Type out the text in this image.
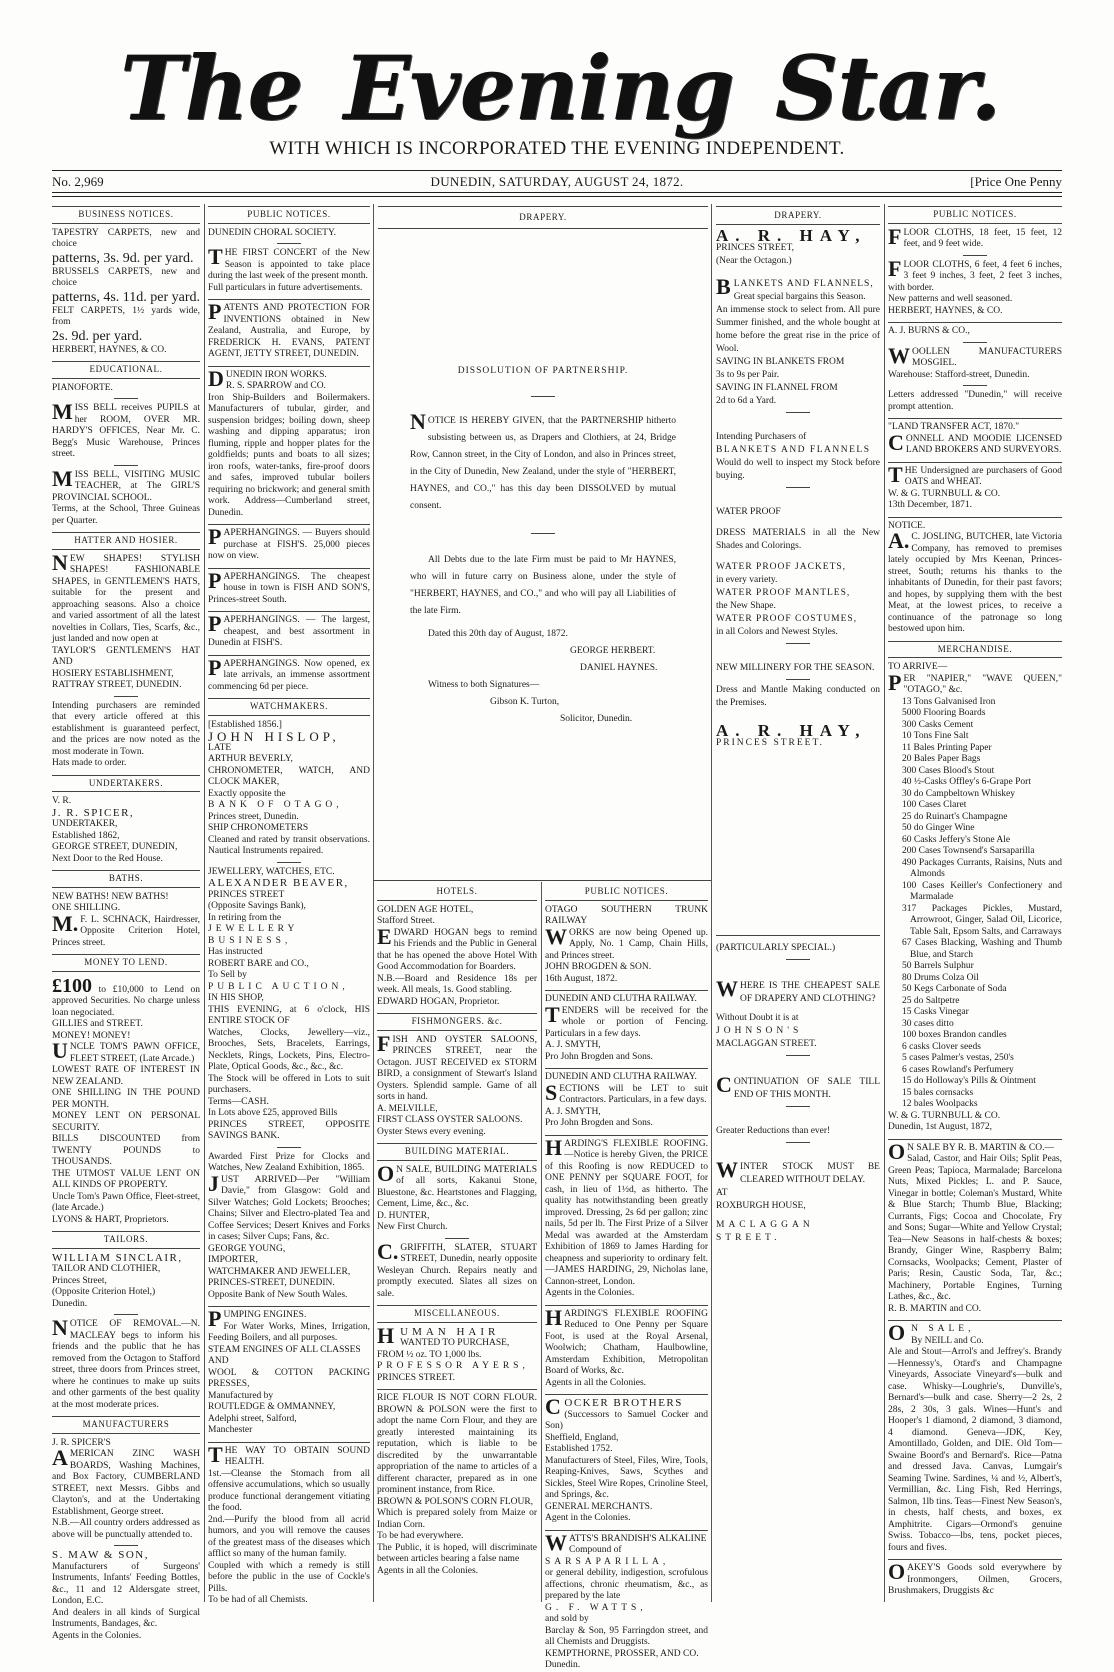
The Evening Star.
WITH WHICH IS INCORPORATED THE EVENING INDEPENDENT.
No. 2,969	DUNEDIN, SATURDAY, AUGUST 24, 1872.	[Price One Penny
BUSINESS NOTICES.

TAPESTRY CARPETS, new and choice

patterns, 3s. 9d. per yard.

BRUSSELS CARPETS, new and choice

patterns, 4s. 11d. per yard.

FELT CARPETS, 1½ yards wide, from

2s. 9d. per yard.

HERBERT, HAYNES, & CO.

EDUCATIONAL.

PIANOFORTE.

MISS BELL receives PUPILS at her ROOM, OVER MR. HARDY'S OFFICES, Near Mr. C. Begg's Music Warehouse, Princes street.

MISS BELL, VISITING MUSIC TEACHER, at The GIRL'S PROVINCIAL SCHOOL.

Terms, at the School, Three Guineas per Quarter.

HATTER AND HOSIER.

NEW SHAPES! STYLISH SHAPES! FASHIONABLE SHAPES, in GENTLEMEN'S HATS, suitable for the present and approaching seasons. Also a choice and varied assortment of all the latest novelties in Collars, Ties, Scarfs, &c., just landed and now open at

TAYLOR'S GENTLEMEN'S HAT AND

HOSIERY ESTABLISHMENT,

RATTRAY STREET, DUNEDIN.

Intending purchasers are reminded that every article offered at this establishment is guaranteed perfect, and the prices are now noted as the most moderate in Town.

Hats made to order.

UNDERTAKERS.

V. R.

J. R. SPICER,

UNDERTAKER,

Established 1862,

GEORGE STREET, DUNEDIN,

Next Door to the Red House.

BATHS.

NEW BATHS! NEW BATHS!

ONE SHILLING.

M.F. L. SCHNACK, Hairdresser, Opposite Criterion Hotel, Princes street.

MONEY TO LEND.

£100 to £10,000 to Lend on approved Securities. No charge unless loan negociated.

GILLIES and STREET.

MONEY! MONEY!

UNCLE TOM'S PAWN OFFICE, FLEET STREET, (Late Arcade.)

LOWEST RATE OF INTEREST IN NEW ZEALAND.

ONE SHILLING IN THE POUND PER MONTH.

MONEY LENT ON PERSONAL SECURITY.

BILLS DISCOUNTED from TWENTY POUNDS to THOUSANDS.

THE UTMOST VALUE LENT ON ALL KINDS OF PROPERTY.

Uncle Tom's Pawn Office, Fleet-street, (late Arcade.)

LYONS & HART, Proprietors.

TAILORS.

WILLIAM SINCLAIR,

TAILOR AND CLOTHIER,

Princes Street,

(Opposite Criterion Hotel,)

Dunedin.

NOTICE OF REMOVAL.—N. MACLEAY begs to inform his friends and the public that he has removed from the Octagon to Stafford street, three doors from Princes street, where he continues to make up suits and other garments of the best quality at the most moderate prices.

MANUFACTURERS

J. R. SPICER'S

AMERICAN ZINC WASH BOARDS, Washing Machines, and Box Factory, CUMBERLAND STREET, next Messrs. Gibbs and Clayton's, and at the Undertaking Establishment, George street.

N.B.—All country orders addressed as above will be punctually attended to.

S. MAW & SON,

Manufacturers of Surgeons' Instruments, Infants' Feeding Bottles, &c., 11 and 12 Aldersgate street, London, E.C.

And dealers in all kinds of Surgical Instruments, Bandages, &c.

Agents in the Colonies.

PUBLIC NOTICES.

DUNEDIN CHORAL SOCIETY.

THE FIRST CONCERT of the New Season is appointed to take place during the last week of the present month.

Full particulars in future advertisements.

PATENTS AND PROTECTION FOR INVENTIONS obtained in New Zealand, Australia, and Europe, by FREDERICK H. EVANS, PATENT AGENT, JETTY STREET, DUNEDIN.

DUNEDIN IRON WORKS.

R. S. SPARROW and CO.

Iron Ship-Builders and Boilermakers. Manufacturers of tubular, girder, and suspension bridges; boiling down, sheep washing and dipping apparatus; iron fluming, ripple and hopper plates for the goldfields; punts and boats to all sizes; iron roofs, water-tanks, fire-proof doors and safes, improved tubular boilers requiring no brickwork; and general smith work. Address—Cumberland street, Dunedin.

PAPERHANGINGS. — Buyers should purchase at FISH'S. 25,000 pieces now on view.

PAPERHANGINGS. The cheapest house in town is FISH AND SON'S, Princes-street South.

PAPERHANGINGS. — The largest, cheapest, and best assortment in Dunedin at FISH'S.

PAPERHANGINGS. Now opened, ex late arrivals, an immense assortment commencing 6d per piece.

WATCHMAKERS.

[Established 1856.]

JOHN HISLOP,

LATE

ARTHUR BEVERLY,

CHRONOMETER, WATCH, AND CLOCK MAKER,

Exactly opposite the

BANK OF OTAGO,

Princes street, Dunedin.

SHIP CHRONOMETERS

Cleaned and rated by transit observations. Nautical Instruments repaired.

JEWELLERY, WATCHES, ETC.

ALEXANDER BEAVER,

PRINCES STREET

(Opposite Savings Bank),

In retiring from the

JEWELLERY BUSINESS,

Has instructed

ROBERT BARE and CO.,

To Sell by

PUBLIC AUCTION,

IN HIS SHOP,

THIS EVENING, at 6 o'clock, HIS ENTIRE STOCK OF

Watches, Clocks, Jewellery—viz., Brooches, Sets, Bracelets, Earrings, Necklets, Rings, Lockets, Pins, Electro-Plate, Optical Goods, &c., &c., &c.

The Stock will be offered in Lots to suit purchasers.

Terms—CASH.

In Lots above £25, approved Bills

PRINCES STREET, OPPOSITE SAVINGS BANK.

Awarded First Prize for Clocks and Watches, New Zealand Exhibition, 1865.

JUST ARRIVED—Per "William Davie," from Glasgow: Gold and Silver Watches; Gold Lockets; Brooches; Chains; Silver and Electro-plated Tea and Coffee Services; Desert Knives and Forks in cases; Silver Cups; Fans, &c.

GEORGE YOUNG,

IMPORTER,

WATCHMAKER AND JEWELLER,

PRINCES-STREET, DUNEDIN.

Opposite Bank of New South Wales.

PUMPING ENGINES.

For Water Works, Mines, Irrigation, Feeding Boilers, and all purposes.

STEAM ENGINES OF ALL CLASSES

AND

WOOL & COTTON PACKING PRESSES,

Manufactured by

ROUTLEDGE & OMMANNEY,

Adelphi street, Salford,

Manchester

THE WAY TO OBTAIN SOUND HEALTH.

1st.—Cleanse the Stomach from all offensive accumulations, which so usually produce functional derangement vitiating the food.

2nd.—Purify the blood from all acrid humors, and you will remove the causes of the greatest mass of the diseases which afflict so many of the human family.

Coupled with which a remedy is still before the public in the use of Cockle's Pills.

To be had of all Chemists.

DRAPERY.

DISSOLUTION OF PARTNERSHIP.

NOTICE IS HEREBY GIVEN, that the PARTNERSHIP hitherto subsisting between us, as Drapers and Clothiers, at 24, Bridge Row, Cannon street, in the City of London, and also in Princes street, in the City of Dunedin, New Zealand, under the style of "HERBERT, HAYNES, and CO.," has this day been DISSOLVED by mutual consent.

All Debts due to the late Firm must be paid to Mr HAYNES, who will in future carry on Business alone, under the style of "HERBERT, HAYNES, and CO.," and who will pay all Liabilities of the late Firm.

Dated this 20th day of August, 1872.

GEORGE HERBERT.

DANIEL HAYNES.

Witness to both Signatures—

Gibson K. Turton,

Solicitor, Dunedin.

HOTELS.

GOLDEN AGE HOTEL,

Stafford Street.

EDWARD HOGAN begs to remind his Friends and the Public in General that he has opened the above Hotel With Good Accommodation for Boarders.

N.B.—Board and Residence 18s per week. All meals, 1s. Good stabling.

EDWARD HOGAN, Proprietor.

FISHMONGERS. &c.

FISH AND OYSTER SALOONS, PRINCES STREET, near the Octagon. JUST RECEIVED ex STORM BIRD, a consignment of Stewart's Island Oysters. Splendid sample. Game of all sorts in hand.

A. MELVILLE,

FIRST CLASS OYSTER SALOONS.

Oyster Stews every evening.

BUILDING MATERIAL.

ON SALE, BUILDING MATERIALS of all sorts, Kakanui Stone, Bluestone, &c. Heartstones and Flagging, Cement, Lime, &c., &c.

D. HUNTER,

New First Church.

C.GRIFFITH, SLATER, STUART STREET, Dunedin, nearly opposite Wesleyan Church. Repairs neatly and promptly executed. Slates all sizes on sale.

MISCELLANEOUS.

HUMAN HAIR

WANTED TO PURCHASE,

FROM ½ oz. TO 1,000 lbs.

PROFESSOR AYERS,

PRINCES STREET.

RICE FLOUR IS NOT CORN FLOUR. BROWN & POLSON were the first to adopt the name Corn Flour, and they are greatly interested maintaining its reputation, which is liable to be discredited by the unwarrantable appropriation of the name to articles of a different character, prepared as in one prominent instance, from Rice.

BROWN & POLSON'S CORN FLOUR,

Which is prepared solely from Maize or Indian Corn.

To be had everywhere.

The Public, it is hoped, will discriminate between articles bearing a false name

Agents in all the Colonies.

PUBLIC NOTICES.

OTAGO SOUTHERN TRUNK RAILWAY

WORKS are now being Opened up. Apply, No. 1 Camp, Chain Hills, and Princes street.

JOHN BROGDEN & SON.

16th August, 1872.

DUNEDIN AND CLUTHA RAILWAY.

TENDERS will be received for the whole or portion of Fencing. Particulars in a few days.

A. J. SMYTH,

Pro John Brogden and Sons.

DUNEDIN AND CLUTHA RAILWAY.

SECTIONS will be LET to suit Contractors. Particulars, in a few days.

A. J. SMYTH,

Pro John Brogden and Sons.

HARDING'S FLEXIBLE ROOFING. —Notice is hereby Given, the PRICE of this Roofing is now REDUCED to ONE PENNY per SQUARE FOOT, for cash, in lieu of 1½d, as hitherto. The quality has notwithstanding been greatly improved. Dressing, 2s 6d per gallon; zinc nails, 5d per lb. The First Prize of a Silver Medal was awarded at the Amsterdam Exhibition of 1869 to James Harding for cheapness and superiority to ordinary felt.—JAMES HARDING, 29, Nicholas lane, Cannon-street, London.

Agents in the Colonies.

HARDING'S FLEXIBLE ROOFING Reduced to One Penny per Square Foot, is used at the Royal Arsenal, Woolwich; Chatham, Haulbowline, Amsterdam Exhibition, Metropolitan Board of Works, &c.

Agents in all the Colonies.

COCKER BROTHERS

(Successors to Samuel Cocker and Son)

Sheffield, England,

Established 1752.

Manufacturers of Steel, Files, Wire, Tools, Reaping-Knives, Saws, Scythes and Sickles, Steel Wire Ropes, Crinoline Steel, and Springs, &c.

GENERAL MERCHANTS.

Agent in the Colonies.

WATTS'S BRANDISH'S ALKALINE

Compound of

SARSAPARILLA,

or general debility, indigestion, scrofulous affections, chronic rheumatism, &c., as prepared by the late

G. F. WATTS,

and sold by

Barclay & Son, 95 Farringdon street, and all Chemists and Druggists.

KEMPTHORNE, PROSSER, AND CO.

Dunedin.

DRAPERY.

A. R. HAY,

PRINCES STREET,

(Near the Octagon.)

BLANKETS AND FLANNELS,

Great special bargains this Season.

An immense stock to select from. All pure Summer finished, and the whole bought at home before the great rise in the price of Wool.

SAVING IN BLANKETS FROM

3s to 9s per Pair.

SAVING IN FLANNEL FROM

2d to 6d a Yard.

Intending Purchasers of

BLANKETS AND FLANNELS

Would do well to inspect my Stock before buying.

WATER PROOF

DRESS MATERIALS in all the New Shades and Colorings.

WATER PROOF JACKETS,

in every variety.

WATER PROOF MANTLES,

the New Shape.

WATER PROOF COSTUMES,

in all Colors and Newest Styles.

NEW MILLINERY FOR THE SEASON.

Dress and Mantle Making conducted on the Premises.

A. R. HAY,

PRINCES STREET.

(PARTICULARLY SPECIAL.)

WHERE IS THE CHEAPEST SALE OF DRAPERY AND CLOTHING?

Without Doubt it is at

JOHNSON'S

MACLAGGAN STREET.

CONTINUATION OF SALE TILL END OF THIS MONTH.

Greater Reductions than ever!

WINTER STOCK MUST BE CLEARED WITHOUT DELAY.

AT

ROXBURGH HOUSE,

MACLAGGAN STREET.

PUBLIC NOTICES.

FLOOR CLOTHS, 18 feet, 15 feet, 12 feet, and 9 feet wide.

FLOOR CLOTHS, 6 feet, 4 feet 6 inches, 3 feet 9 inches, 3 feet, 2 feet 3 inches, with border.

New patterns and well seasoned.

HERBERT, HAYNES, & CO.

A. J. BURNS & CO.,

WOOLLEN MANUFACTURERS MOSGIEL.

Warehouse: Stafford-street, Dunedin.

Letters addressed "Dunedin," will receive prompt attention.

"LAND TRANSFER ACT, 1870."

CONNELL AND MOODIE LICENSED LAND BROKERS AND SURVEYORS.

THE Undersigned are purchasers of Good OATS and WHEAT.

W. & G. TURNBULL & CO.

13th December, 1871.

NOTICE.

A.C. JOSLING, BUTCHER, late Victoria Company, has removed to premises lately occupied by Mrs Keenan, Princes-street, South; returns his thanks to the inhabitants of Dunedin, for their past favors; and hopes, by supplying them with the best Meat, at the lowest prices, to receive a continuance of the patronage so long bestowed upon him.

MERCHANDISE.

TO ARRIVE—

PER "NAPIER," "WAVE QUEEN," "OTAGO," &c.

13 Tons Galvanised Iron

5000 Flooring Boards

300 Casks Cement

10 Tons Fine Salt

11 Bales Printing Paper

20 Bales Paper Bags

300 Cases Blood's Stout

40 ½-Casks Offley's 6-Grape Port

30 do Campbeltown Whiskey

100 Cases Claret

25 do Ruinart's Champagne

50 do Ginger Wine

60 Casks Jeffery's Stone Ale

200 Cases Townsend's Sarsaparilla

490 Packages Currants, Raisins, Nuts and Almonds

100 Cases Keiller's Confectionery and Marmalade

317 Packages Pickles, Mustard, Arrowroot, Ginger, Salad Oil, Licorice, Table Salt, Epsom Salts, and Carraways

67 Cases Blacking, Washing and Thumb Blue, and Starch

50 Barrels Sulphur

80 Drums Colza Oil

50 Kegs Carbonate of Soda

25 do Saltpetre

15 Casks Vinegar

30 cases ditto

100 boxes Brandon candles

6 casks Clover seeds

5 cases Palmer's vestas, 250's

6 cases Rowland's Perfumery

15 do Holloway's Pills & Ointment

15 bales cornsacks

12 bales Woolpacks

W. & G. TURNBULL & CO.

Dunedin, 1st August, 1872,

ON SALE BY R. B. MARTIN & CO.—

Salad, Castor, and Hair Oils; Split Peas, Green Peas; Tapioca, Marmalade; Barcelona Nuts, Mixed Pickles; L. and P. Sauce, Vinegar in bottle; Coleman's Mustard, White & Blue Starch; Thumb Blue, Blacking; Currants, Figs; Cocoa and Chocolate, Fry and Sons; Sugar—White and Yellow Crystal; Tea—New Seasons in half-chests & boxes; Brandy, Ginger Wine, Raspberry Balm; Cornsacks, Woolpacks; Cement, Plaster of Paris; Resin, Caustic Soda, Tar, &c.; Machinery, Portable Engines, Turning Lathes, &c., &c.

R. B. MARTIN and CO.

ON SALE,

By NEILL and Co.

Ale and Stout—Arrol's and Jeffrey's. Brandy—Hennessy's, Otard's and Champagne Vineyards, Associate Vineyard's—bulk and case. Whisky—Loughrie's, Dunville's, Bernard's—bulk and case. Sherry—2 2s, 2 28s, 2 30s, 3 gals. Wines—Hunt's and Hooper's 1 diamond, 2 diamond, 3 diamond, 4 diamond. Geneva—JDK, Key, Amontillado, Golden, and DIE. Old Tom—Swaine Boord's and Bernard's. Rice—Patna and dressed Java. Canvas, Lumgair's Seaming Twine. Sardines, ¼ and ½, Albert's, Vermillian, &c. Ling Fish, Red Herrings, Salmon, 1lb tins. Teas—Finest New Season's, in chests, half chests, and boxes, ex Amphitrite. Cigars—Ormond's genuine Swiss. Tobacco—lbs, tens, pocket pieces, fours and fives.

OAKEY'S Goods sold everywhere by Ironmongers, Oilmen, Grocers, Brushmakers, Druggists &c
